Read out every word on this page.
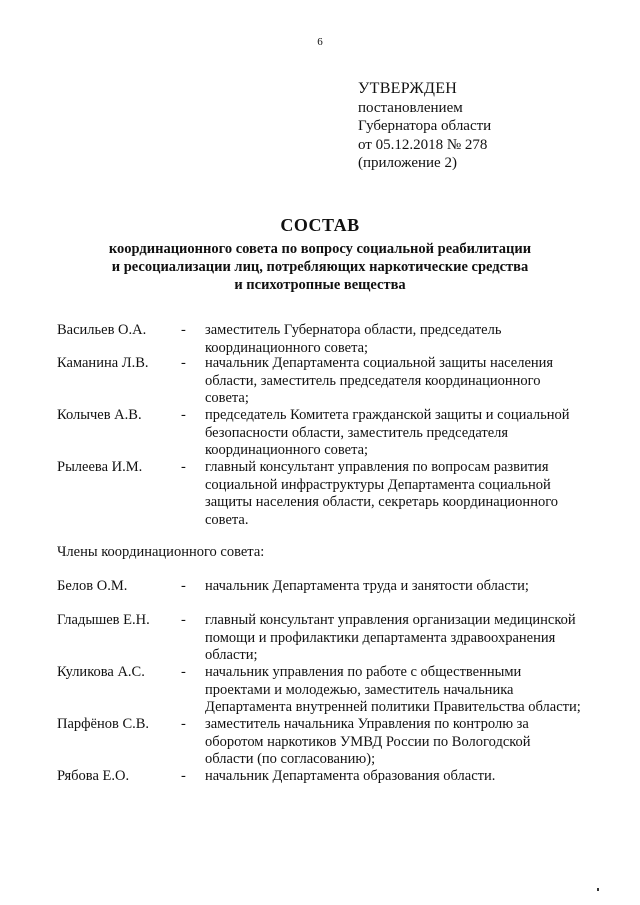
6
УТВЕРЖДЕН
постановлением
Губернатора области
от 05.12.2018 № 278
(приложение 2)
СОСТАВ
координационного совета по вопросу социальной реабилитации
и ресоциализации лиц, потребляющих наркотические средства
и психотропные вещества
Васильев О.А.	-	заместитель Губернатора области, председатель
координационного совета;
Каманина Л.В.	-	начальник Департамента социальной защиты населения
области, заместитель председателя координационного
совета;
Колычев А.В.	-	председатель Комитета гражданской защиты и социальной
безопасности области, заместитель председателя
координационного совета;
Рылеева И.М.	-	главный консультант управления по вопросам развития
социальной инфраструктуры Департамента социальной
защиты населения области, секретарь координационного
совета.
Члены координационного совета:
Белов О.М.	-	начальник Департамента труда и занятости области;
Гладышев Е.Н.	-	главный консультант управления организации медицинской
помощи и профилактики департамента здравоохранения
области;
Куликова А.С.	-	начальник управления по работе с общественными
проектами и молодежью, заместитель начальника
Департамента внутренней политики Правительства области;
Парфёнов С.В.	-	заместитель начальника Управления по контролю за
оборотом наркотиков УМВД России по Вологодской
области (по согласованию);
Рябова Е.О.	-	начальник Департамента образования области.
